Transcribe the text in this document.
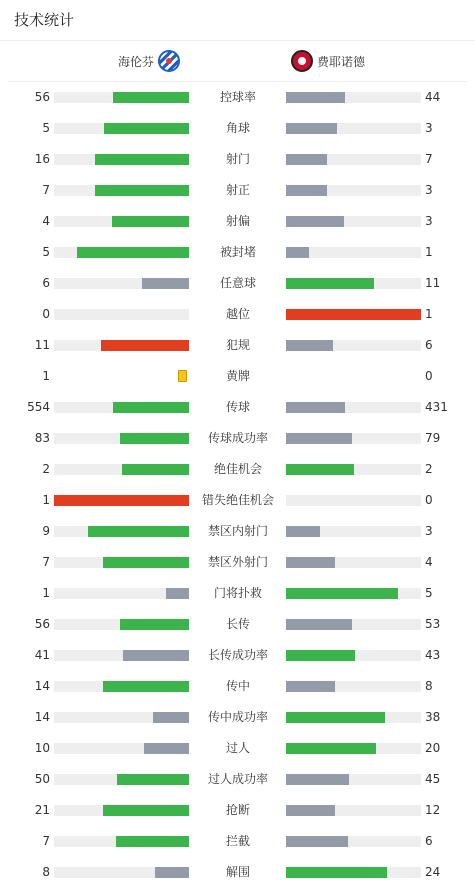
技术统计
海伦芬	费耶诺德
56	控球率	44
5	角球	3
16	射门	7
7	射正	3
4	射偏	3
5	被封堵	1
6	任意球	11
0	越位	1
11	犯规	6
1	黄牌	0
554	传球	431
83	传球成功率	79
2	绝佳机会	2
1	错失绝佳机会	0
9	禁区内射门	3
7	禁区外射门	4
1	门将扑救	5
56	长传	53
41	长传成功率	43
14	传中	8
14	传中成功率	38
10	过人	20
50	过人成功率	45
21	抢断	12
7	拦截	6
8	解围	24
